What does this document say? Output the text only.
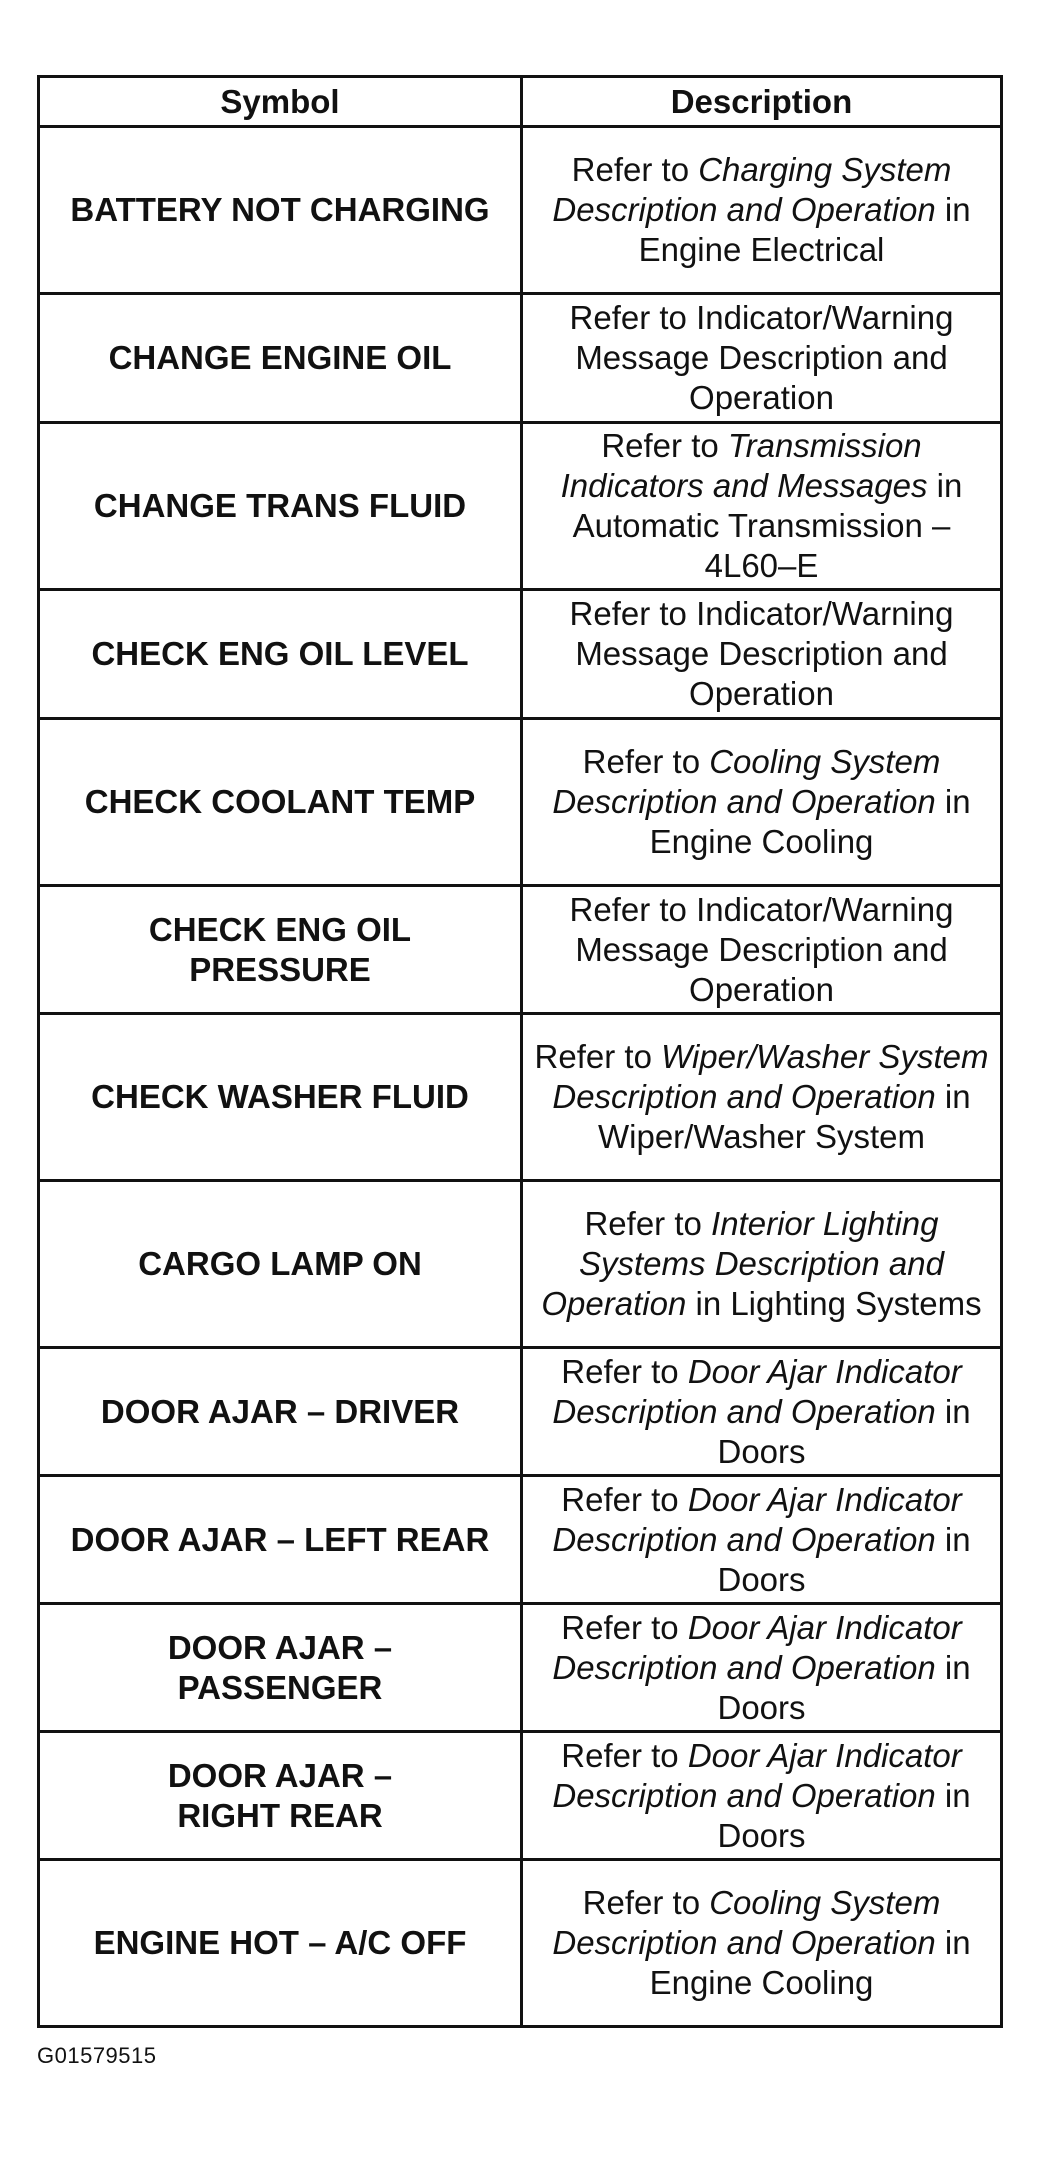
Symbol	Description

BATTERY NOT CHARGING	Refer to Charging System Description and Operation in Engine Electrical

CHANGE ENGINE OIL	Refer to Indicator/Warning Message Description and Operation

CHANGE TRANS FLUID	Refer to Transmission Indicators and Messages in Automatic Transmission – 4L60–E

CHECK ENG OIL LEVEL	Refer to Indicator/Warning Message Description and Operation

CHECK COOLANT TEMP	Refer to Cooling System Description and Operation in Engine Cooling

CHECK ENG OIL
PRESSURE	Refer to Indicator/Warning Message Description and Operation

CHECK WASHER FLUID	Refer to Wiper/Washer System Description and Operation in Wiper/Washer System

CARGO LAMP ON	Refer to Interior Lighting Systems Description and Operation in Lighting Systems

DOOR AJAR – DRIVER	Refer to Door Ajar Indicator Description and Operation in Doors

DOOR AJAR – LEFT REAR	Refer to Door Ajar Indicator Description and Operation in Doors

DOOR AJAR –
PASSENGER	Refer to Door Ajar Indicator Description and Operation in Doors

DOOR AJAR –
RIGHT REAR	Refer to Door Ajar Indicator Description and Operation in Doors

ENGINE HOT – A/C OFF	Refer to Cooling System Description and Operation in Engine Cooling
G01579515
